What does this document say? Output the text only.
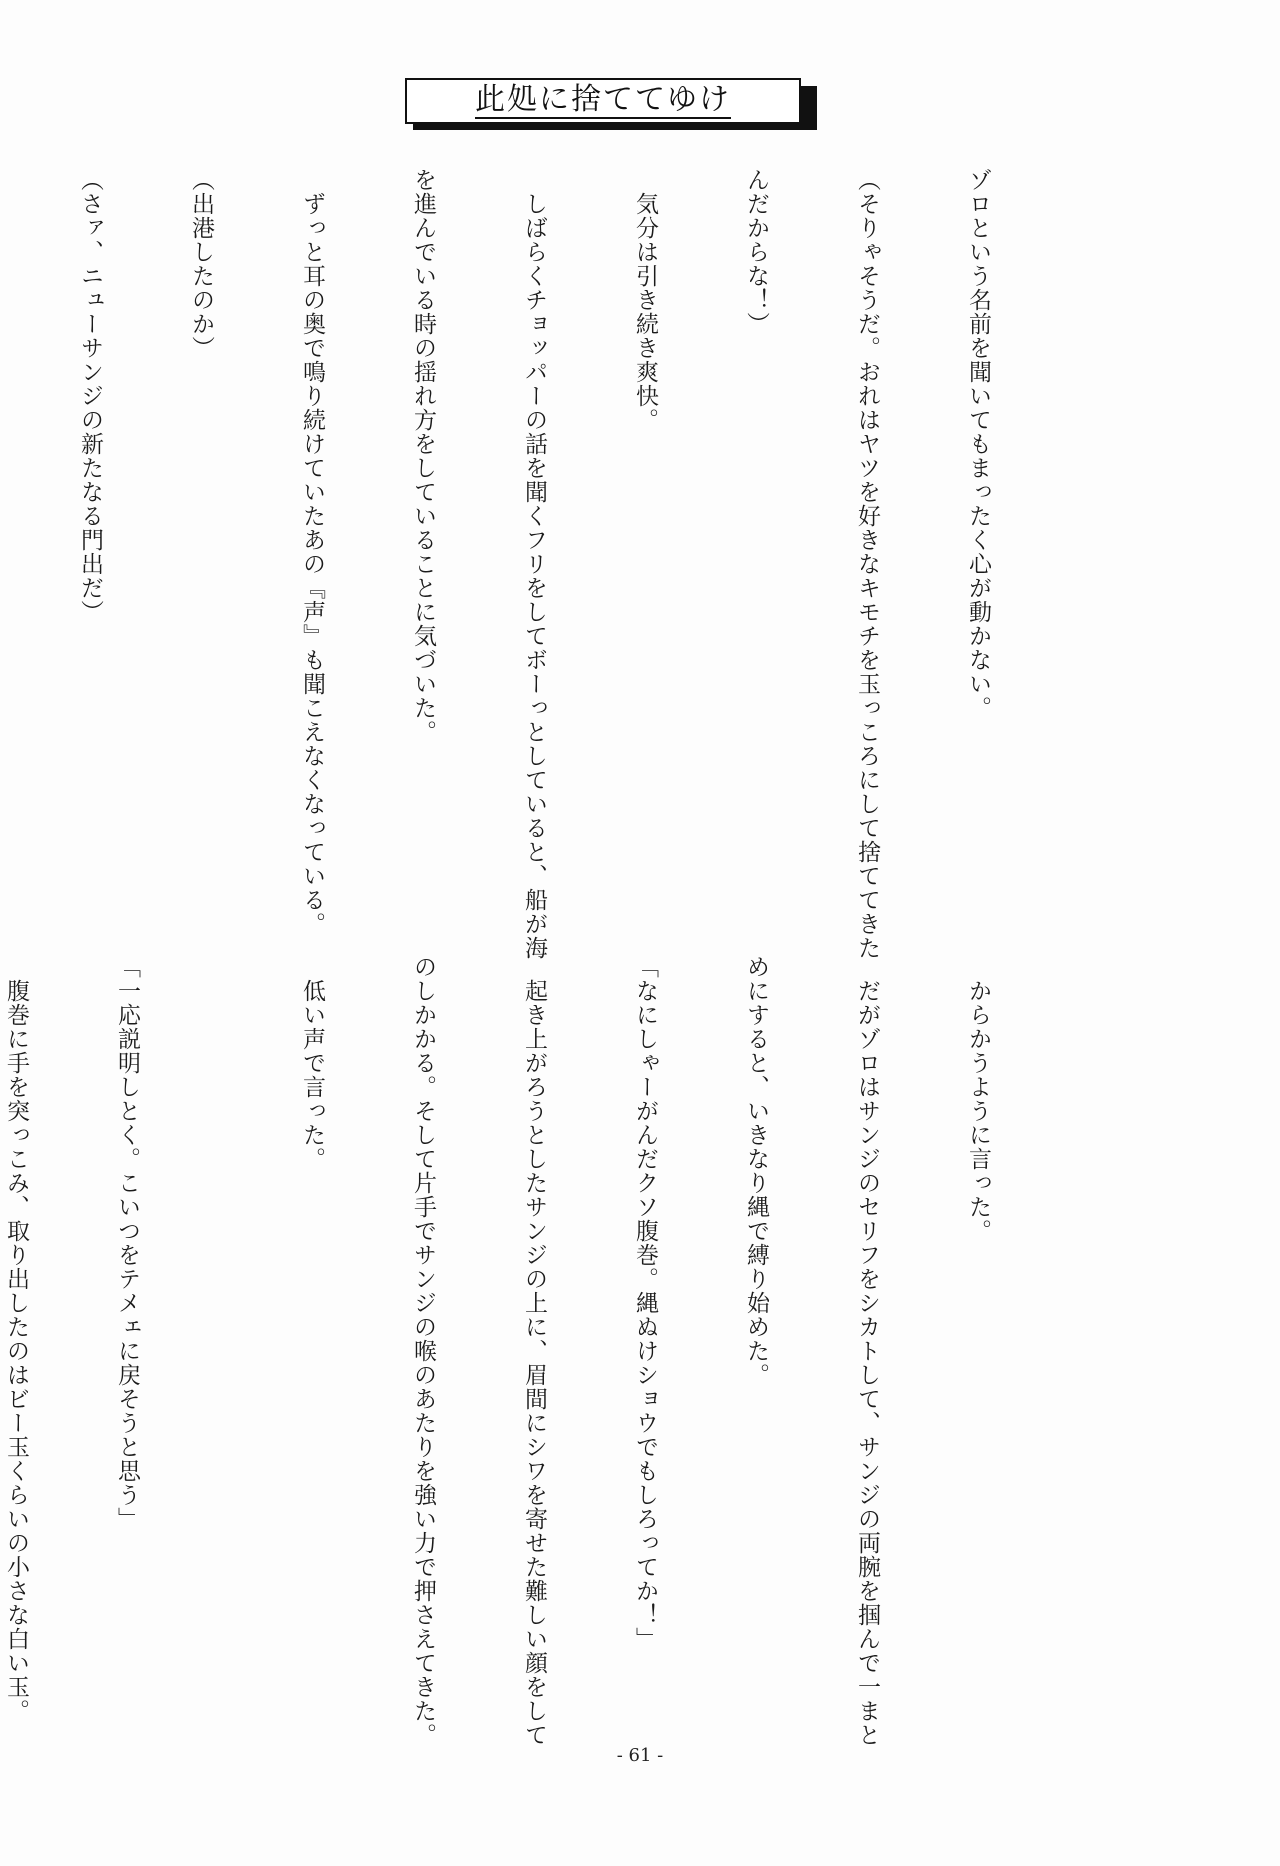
此処に捨ててゆけ

ゾロという名前を聞いてもまったく心が動かない。

（そりゃそうだ。おれはヤツを好きなキモチを玉っころにして捨ててきた

んだからな！）

　気分は引き続き爽快。

　しばらくチョッパーの話を聞くフリをしてボーっとしていると、船が海

を進んでいる時の揺れ方をしていることに気づいた。

　ずっと耳の奥で鳴り続けていたあの『声』も聞こえなくなっている。

（出港したのか）

（さァ、ニューサンジの新たなる門出だ）

　からかうように言った。

　だがゾロはサンジのセリフをシカトして、サンジの両腕を掴んで一まと

めにすると、いきなり縄で縛り始めた。

「なにしゃーがんだクソ腹巻。縄ぬけショウでもしろってか！」

　起き上がろうとしたサンジの上に、眉間にシワを寄せた難しい顔をして

のしかかる。そして片手でサンジの喉のあたりを強い力で押さえてきた。

　低い声で言った。

「一応説明しとく。こいつをテメェに戻そうと思う」

　腹巻に手を突っこみ、取り出したのはビー玉くらいの小さな白い玉。

- 61 -
